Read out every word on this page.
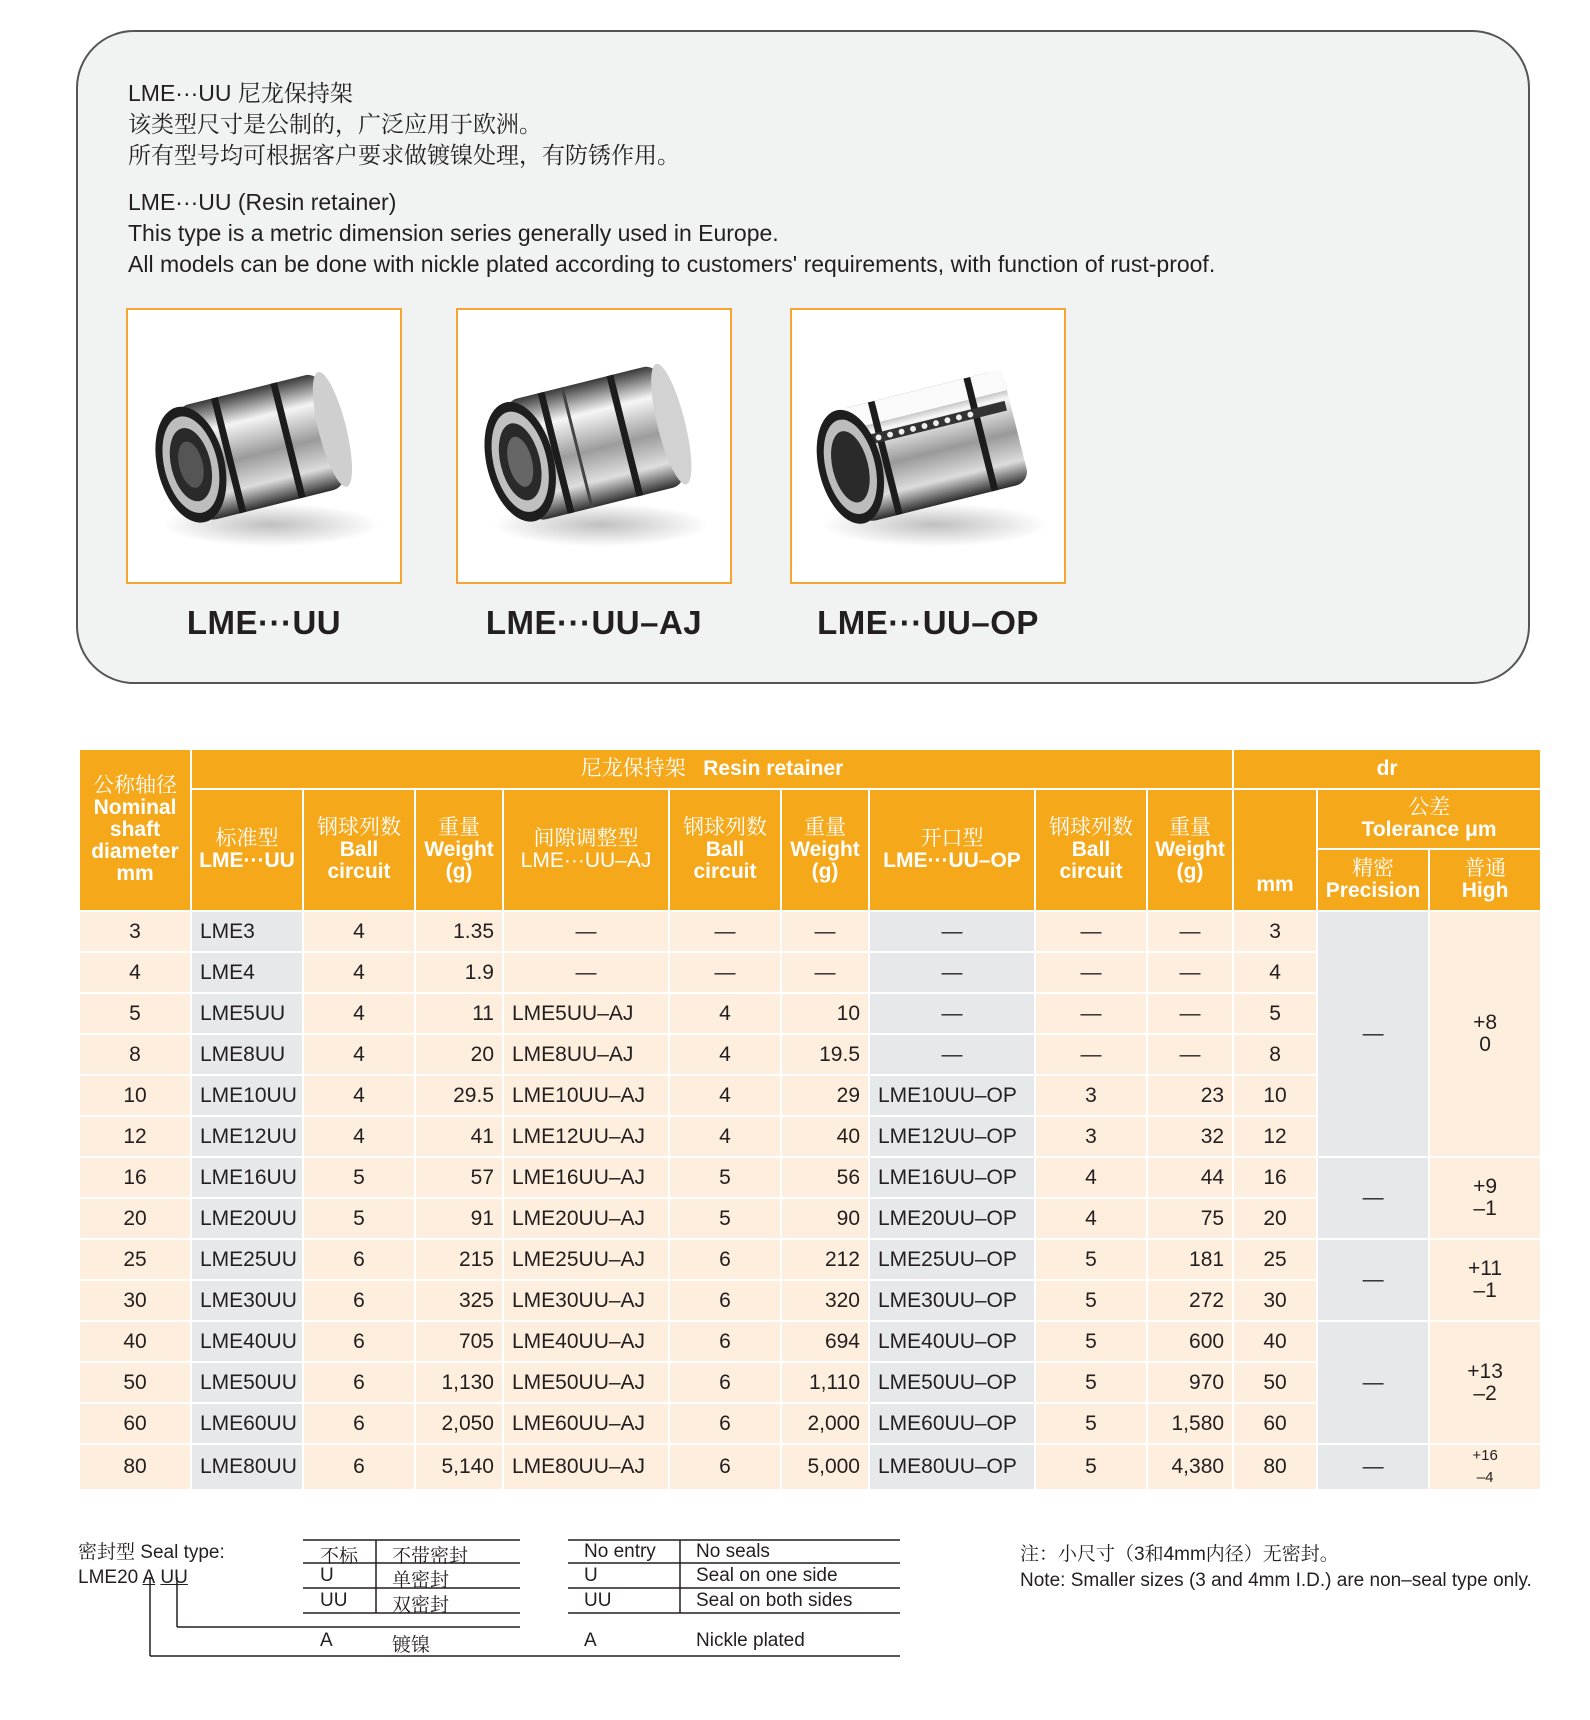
LME···UU 尼龙保持架
该类型尺寸是公制的，广泛应用于欧洲。
所有型号均可根据客户要求做镀镍处理，有防锈作用。
LME···UU (Resin retainer)
This type is a metric dimension series generally used in Europe.
All models can be done with nickle plated according to customers' requirements, with function of rust-proof.
LME···UU	LME···UU–AJ	LME···UU–OP
公称轴径
Nominal
shaft
diameter
mm	尼龙保持架 Resin retainer									dr		

	标准型
LME···UU	钢球列数
Ball
circuit	重量
Weight
(g)	间隙调整型
LME···UU–AJ	钢球列数
Ball
circuit	重量
Weight
(g)	开口型
LME···UU–OP	钢球列数
Ball
circuit	重量
Weight
(g)	mm	公差
Tolerance μm	

											精密
Precision	普通
High

3	LME3	4	1.35	—	—	—	—	—	—	3	—	+8
0

4	LME4	4	1.9	—	—	—	—	—	—	4		
5	LME5UU	4	11	LME5UU–AJ	4	10	—	—	—	5		
8	LME8UU	4	20	LME8UU–AJ	4	19.5	—	—	—	8		
10	LME10UU	4	29.5	LME10UU–AJ	4	29	LME10UU–OP	3	23	10		
12	LME12UU	4	41	LME12UU–AJ	4	40	LME12UU–OP	3	32	12		
16	LME16UU	5	57	LME16UU–AJ	5	56	LME16UU–OP	4	44	16	—	+9
–1

20	LME20UU	5	91	LME20UU–AJ	5	90	LME20UU–OP	4	75	20		
25	LME25UU	6	215	LME25UU–AJ	6	212	LME25UU–OP	5	181	25	—	+11
–1

30	LME30UU	6	325	LME30UU–AJ	6	320	LME30UU–OP	5	272	30		
40	LME40UU	6	705	LME40UU–AJ	6	694	LME40UU–OP	5	600	40	—	+13
–2

50	LME50UU	6	1,130	LME50UU–AJ	6	1,110	LME50UU–OP	5	970	50		
60	LME60UU	6	2,050	LME60UU–AJ	6	2,000	LME60UU–OP	5	1,580	60		
80	LME80UU	6	5,140	LME80UU–AJ	6	5,000	LME80UU–OP	5	4,380	80	—	+16
–4
密封型 Seal type:
LME20 A UU
不标 不带密封
U	单密封
UU 双密封
A	镀镍
No entry No seals
U	Seal on one side
UU	Seal on both sides
A	Nickle plated
注：小尺寸（3和4mm内径）无密封。
Note: Smaller sizes (3 and 4mm I.D.) are non–seal type only.
